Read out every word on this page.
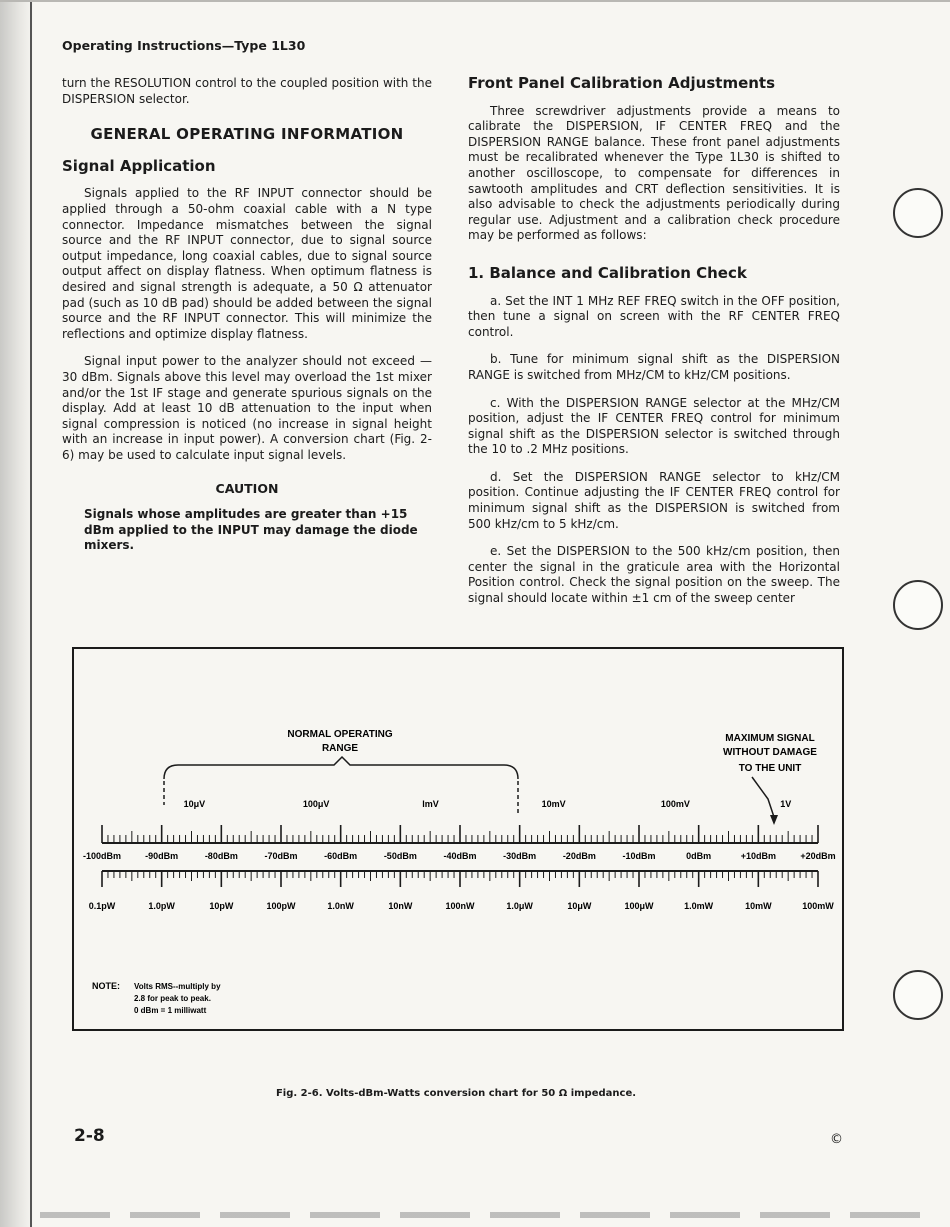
Operating Instructions—Type 1L30

turn the RESOLUTION control to the coupled position with the DISPERSION selector.

GENERAL OPERATING INFORMATION
Signal Application

Signals applied to the RF INPUT connector should be applied through a 50-ohm coaxial cable with a N type connector. Impedance mismatches between the signal source and the RF INPUT connector, due to signal source output impedance, long coaxial cables, due to signal source output affect on display flatness. When optimum flatness is desired and signal strength is adequate, a 50 Ω attenuator pad (such as 10 dB pad) should be added between the signal source and the RF INPUT connector. This will minimize the reflections and optimize display flatness.

Signal input power to the analyzer should not exceed —30 dBm. Signals above this level may overload the 1st mixer and/or the 1st IF stage and generate spurious signals on the display. Add at least 10 dB attenuation to the input when signal compression is noticed (no increase in signal height with an increase in input power). A conversion chart (Fig. 2-6) may be used to calculate input signal levels.

CAUTION
Signals whose amplitudes are greater than +15 dBm applied to the INPUT may damage the diode mixers.
Front Panel Calibration Adjustments

Three screwdriver adjustments provide a means to calibrate the DISPERSION, IF CENTER FREQ and the DISPERSION RANGE balance. These front panel adjustments must be recalibrated whenever the Type 1L30 is shifted to another oscilloscope, to compensate for differences in sawtooth amplitudes and CRT deflection sensitivities. It is also advisable to check the adjustments periodically during regular use. Adjustment and a calibration check procedure may be performed as follows:

1. Balance and Calibration Check

a. Set the INT 1 MHz REF FREQ switch in the OFF position, then tune a signal on screen with the RF CENTER FREQ control.

b. Tune for minimum signal shift as the DISPERSION RANGE is switched from MHz/CM to kHz/CM positions.

c. With the DISPERSION RANGE selector at the MHz/CM position, adjust the IF CENTER FREQ control for minimum signal shift as the DISPERSION selector is switched through the 10 to .2 MHz positions.

d. Set the DISPERSION RANGE selector to kHz/CM position. Continue adjusting the IF CENTER FREQ control for minimum signal shift as the DISPERSION is switched from 500 kHz/cm to 5 kHz/cm.

e. Set the DISPERSION to the 500 kHz/cm position, then center the signal in the graticule area with the Horizontal Position control. Check the signal position on the sweep. The signal should locate within ±1 cm of the sweep center

NORMAL OPERATING
RANGE
MAXIMUM SIGNAL
WITHOUT DAMAGE
TO THE UNIT
10μV	100μV	lmV	10mV	100mV	1V
-100dBm	-90dBm	-80dBm	-70dBm	-60dBm	-50dBm	-40dBm	-30dBm	-20dBm	-10dBm	0dBm	+10dBm	+20dBm
0.1pW	1.0pW	10pW	100pW	1.0nW	10nW	100nW	1.0μW	10μW	100μW	1.0mW	10mW	100mW
NOTE: Volts RMS--multiply by
2.8 for peak to peak.
0 dBm = 1 milliwatt
Fig. 2-6. Volts-dBm-Watts conversion chart for 50 Ω impedance.
2-8	©
